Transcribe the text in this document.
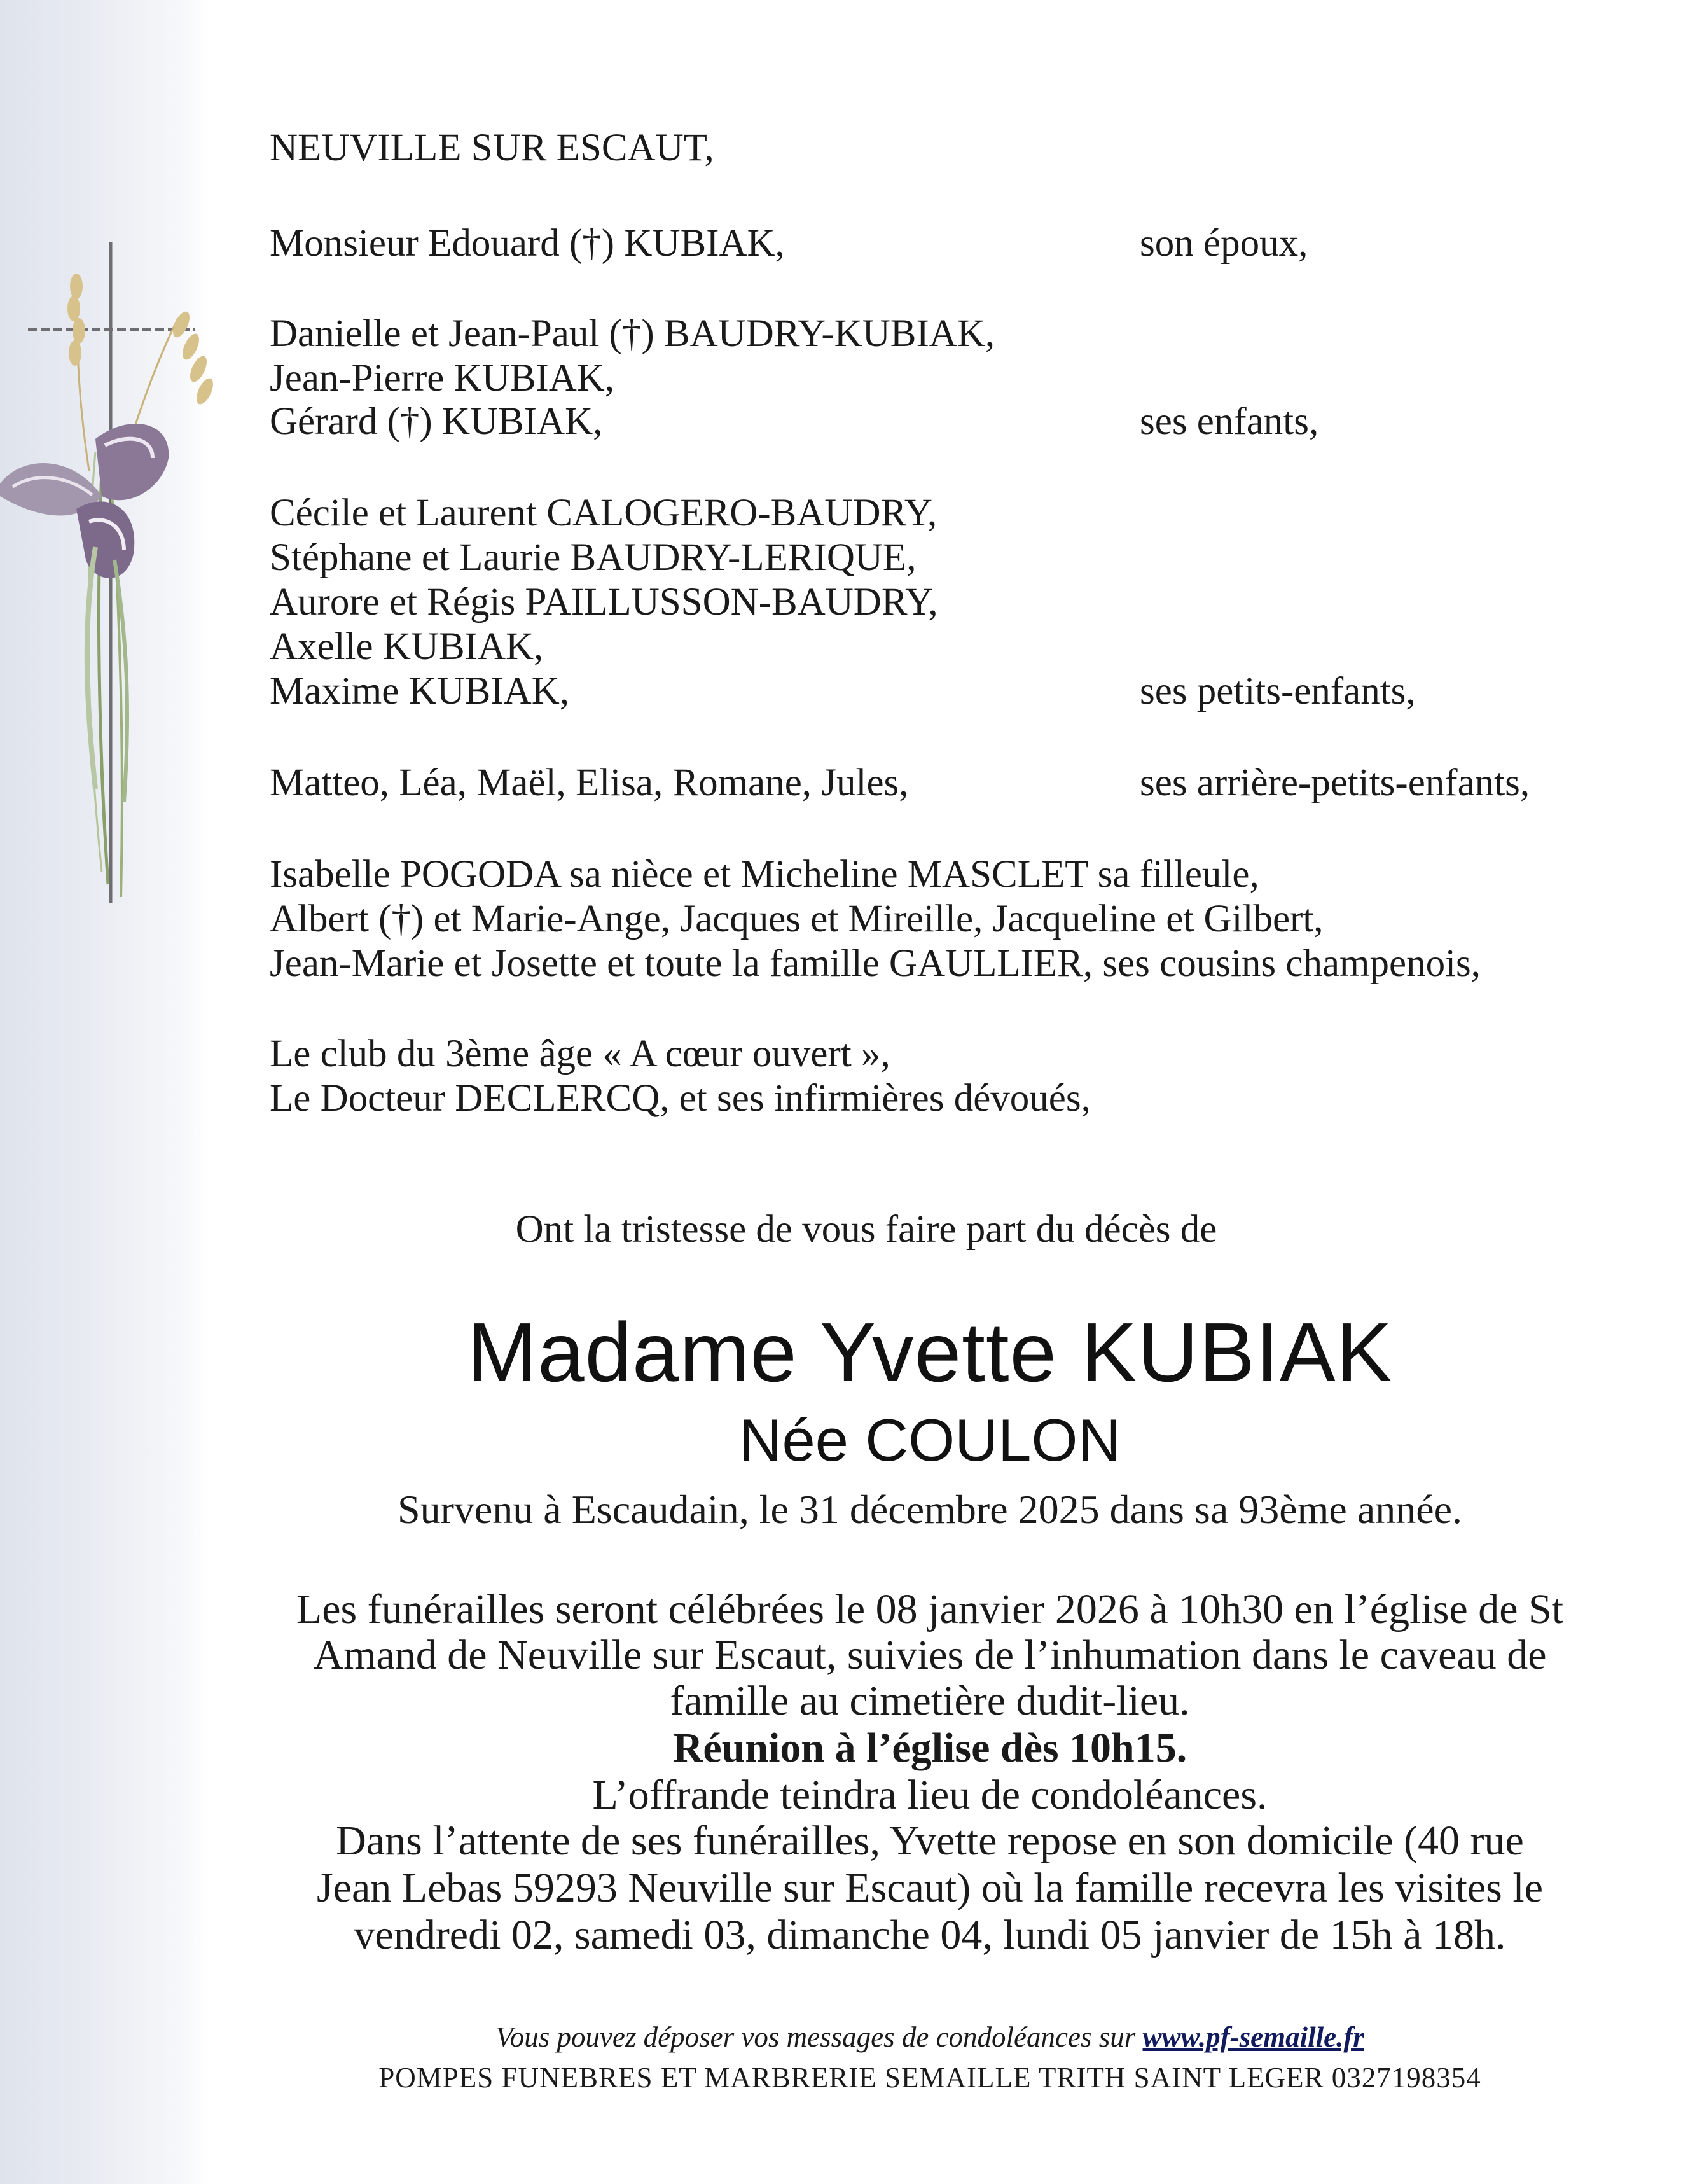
NEUVILLE SUR ESCAUT,
Monsieur Edouard (†) KUBIAK,	son époux,
Danielle et Jean-Paul (†) BAUDRY-KUBIAK,
Jean-Pierre KUBIAK,
Gérard (†) KUBIAK,	ses enfants,
Cécile et Laurent CALOGERO-BAUDRY,
Stéphane et Laurie BAUDRY-LERIQUE,
Aurore et Régis PAILLUSSON-BAUDRY,
Axelle KUBIAK,
Maxime KUBIAK,	ses petits-enfants,
Matteo, Léa, Maël, Elisa, Romane, Jules,	ses arrière-petits-enfants,
Isabelle POGODA sa nièce et Micheline MASCLET sa filleule,
Albert (†) et Marie-Ange, Jacques et Mireille, Jacqueline et Gilbert,
Jean-Marie et Josette et toute la famille GAULLIER, ses cousins champenois,
Le club du 3ème âge « A cœur ouvert »,
Le Docteur DECLERCQ, et ses infirmières dévoués,
Ont la tristesse de vous faire part du décès de
Madame Yvette KUBIAK
Née COULON
Survenu à Escaudain, le 31 décembre 2025 dans sa 93ème année.
Les funérailles seront célébrées le 08 janvier 2026 à 10h30 en l’église de St
Amand de Neuville sur Escaut, suivies de l’inhumation dans le caveau de
famille au cimetière dudit-lieu.
Réunion à l’église dès 10h15.
L’offrande teindra lieu de condoléances.
Dans l’attente de ses funérailles, Yvette repose en son domicile (40 rue
Jean Lebas 59293 Neuville sur Escaut) où la famille recevra les visites le
vendredi 02, samedi 03, dimanche 04, lundi 05 janvier de 15h à 18h.
Vous pouvez déposer vos messages de condoléances sur www.pf-semaille.fr
POMPES FUNEBRES ET MARBRERIE SEMAILLE TRITH SAINT LEGER 0327198354
